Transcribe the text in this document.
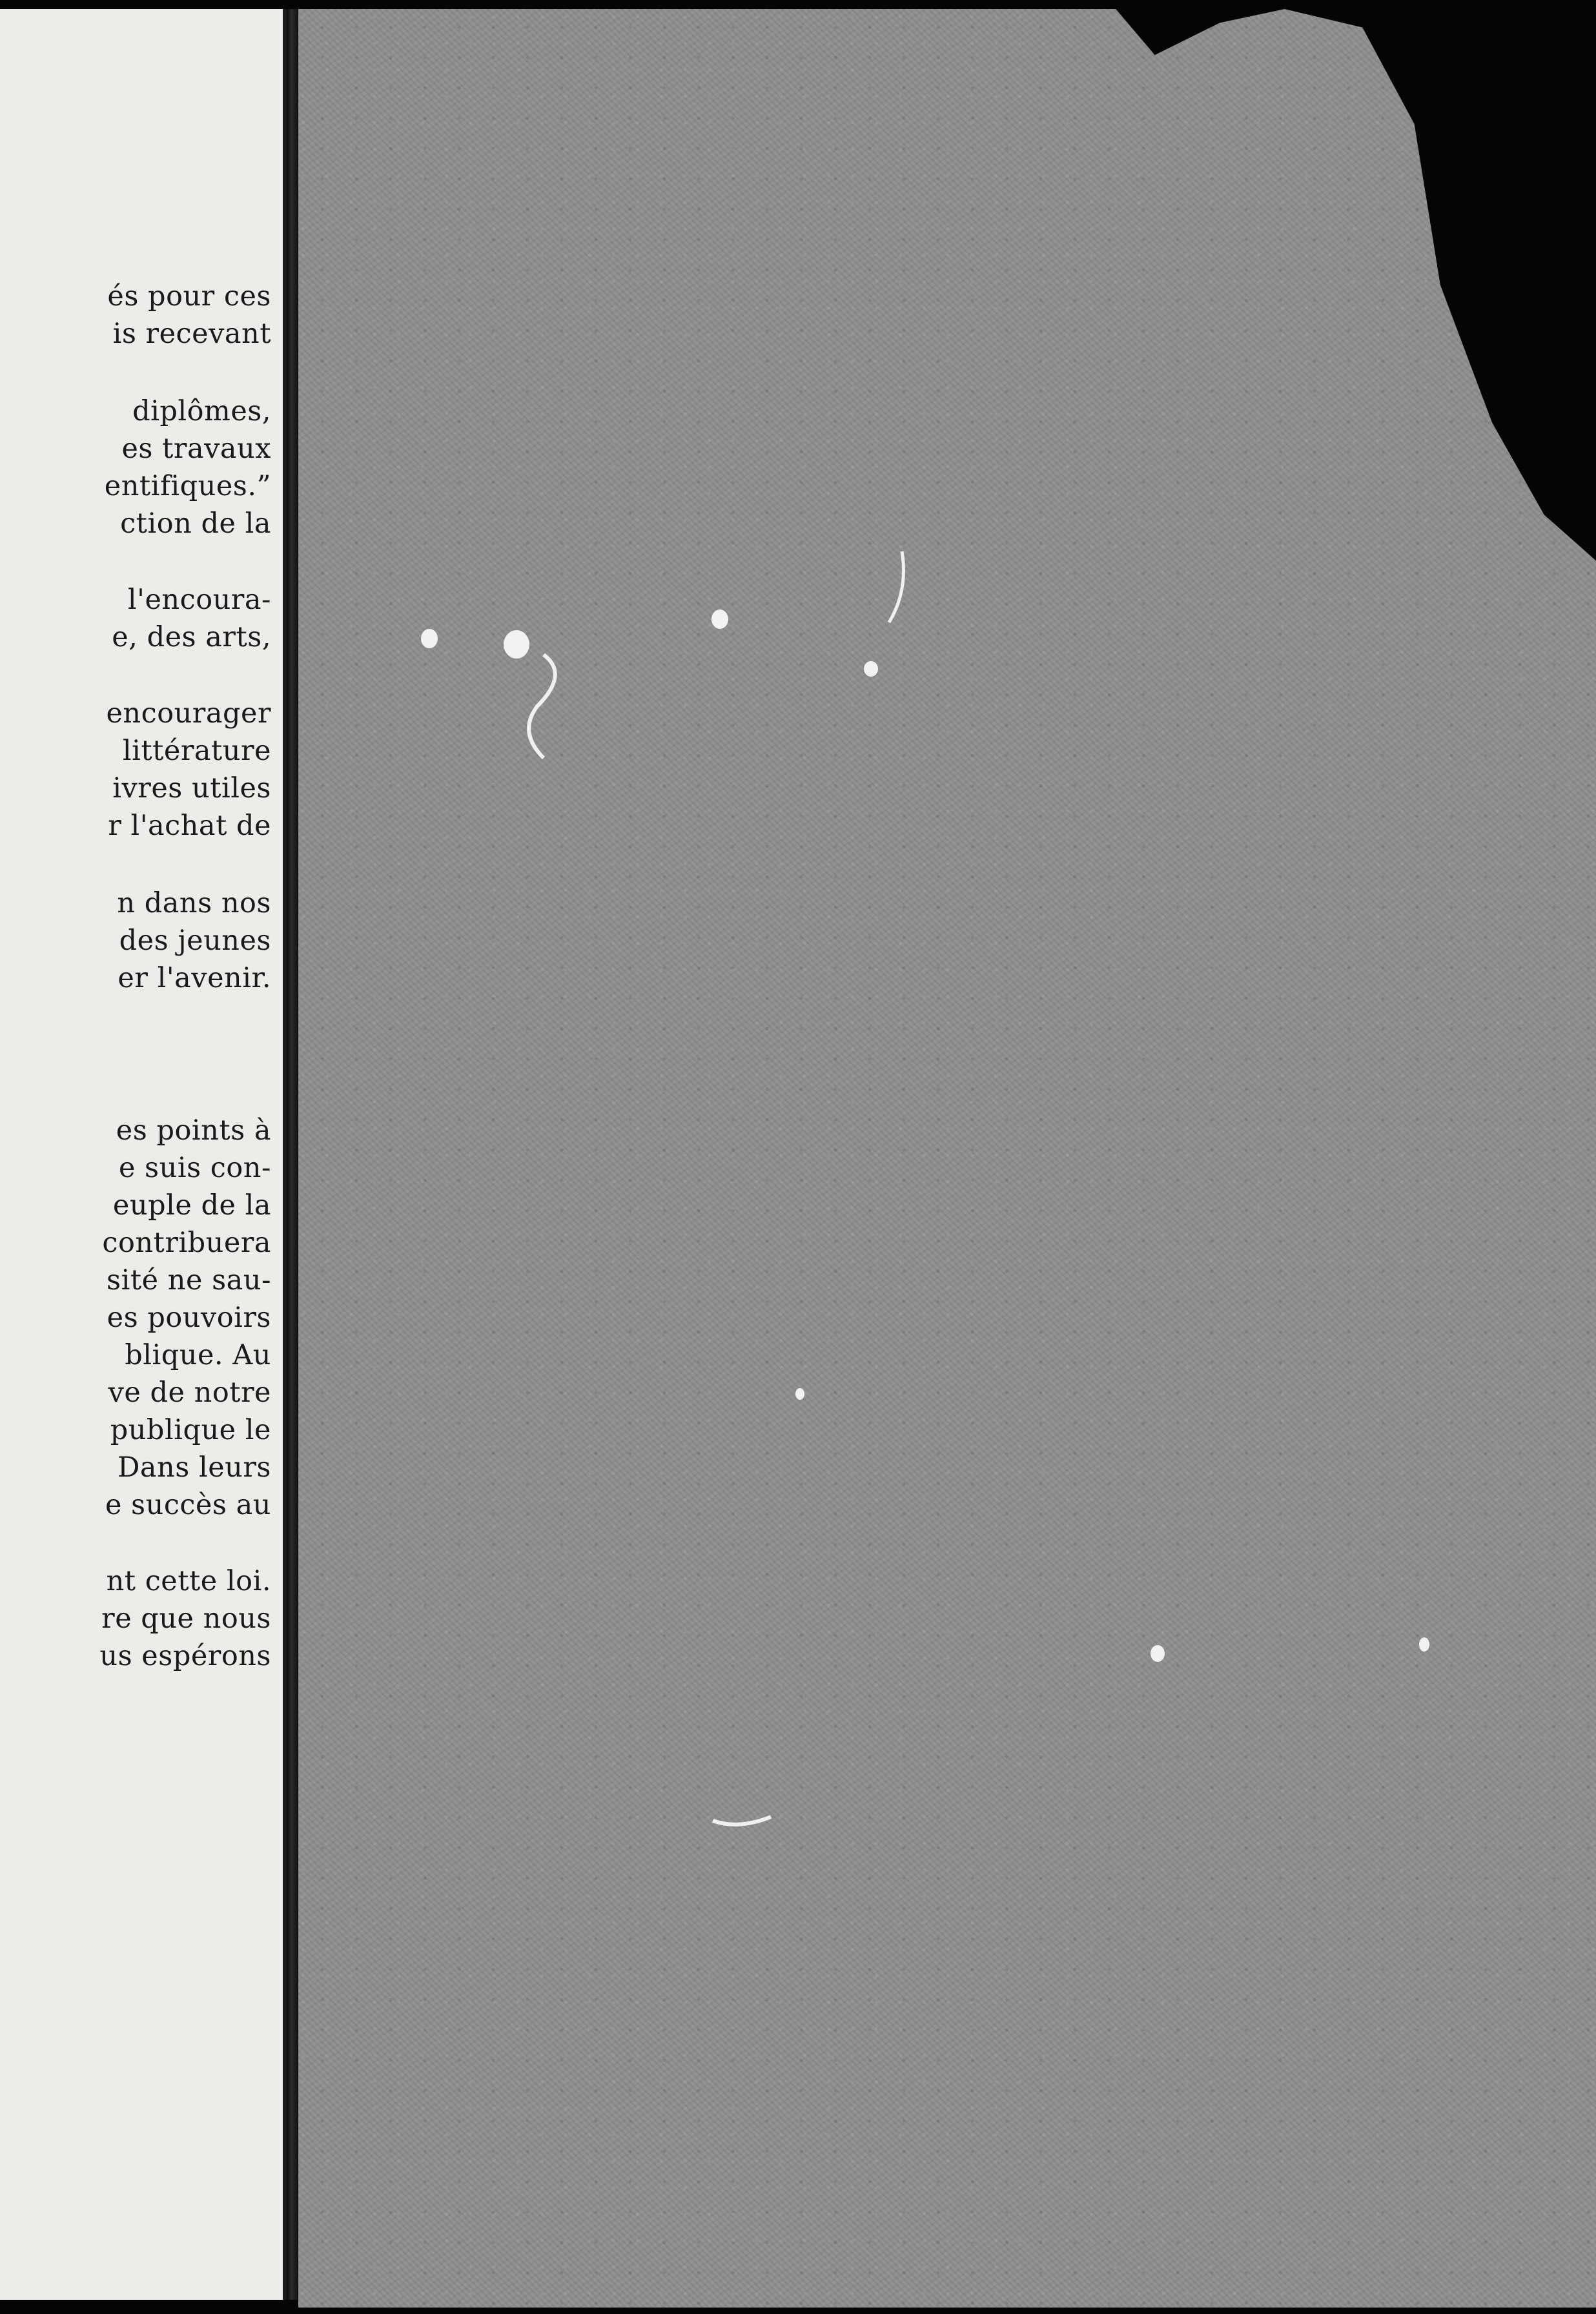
és pour ces
is recevant
diplômes,
es travaux
entifiques.”
ction de la
l'encoura-
e, des arts,
encourager
littérature
ivres utiles
r l'achat de
n dans nos
des jeunes
er l'avenir.
es points à
e suis con-
euple de la
contribuera
sité ne sau-
es pouvoirs
blique. Au
ve de notre
publique le
Dans leurs
e succès au
nt cette loi.
re que nous
us espérons
